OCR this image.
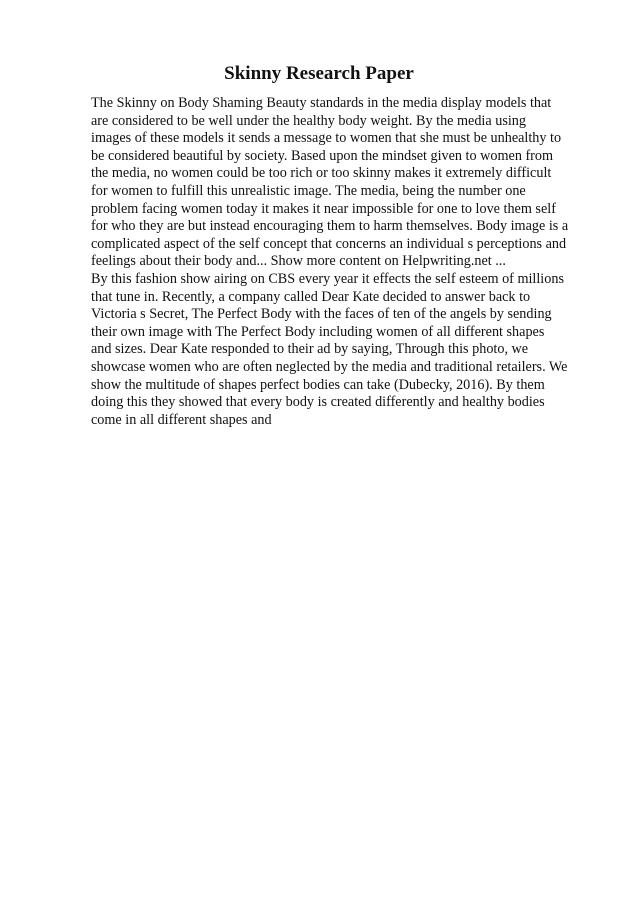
Skinny Research Paper
The Skinny on Body Shaming Beauty standards in the media display models that
are considered to be well under the healthy body weight. By the media using
images of these models it sends a message to women that she must be unhealthy to
be considered beautiful by society. Based upon the mindset given to women from
the media, no women could be too rich or too skinny makes it extremely difficult
for women to fulfill this unrealistic image. The media, being the number one
problem facing women today it makes it near impossible for one to love them self
for who they are but instead encouraging them to harm themselves. Body image is a
complicated aspect of the self concept that concerns an individual s perceptions and
feelings about their body and... Show more content on Helpwriting.net ...
By this fashion show airing on CBS every year it effects the self esteem of millions
that tune in. Recently, a company called Dear Kate decided to answer back to
Victoria s Secret, The Perfect Body with the faces of ten of the angels by sending
their own image with The Perfect Body including women of all different shapes
and sizes. Dear Kate responded to their ad by saying, Through this photo, we
showcase women who are often neglected by the media and traditional retailers. We
show the multitude of shapes perfect bodies can take (Dubecky, 2016). By them
doing this they showed that every body is created differently and healthy bodies
come in all different shapes and
